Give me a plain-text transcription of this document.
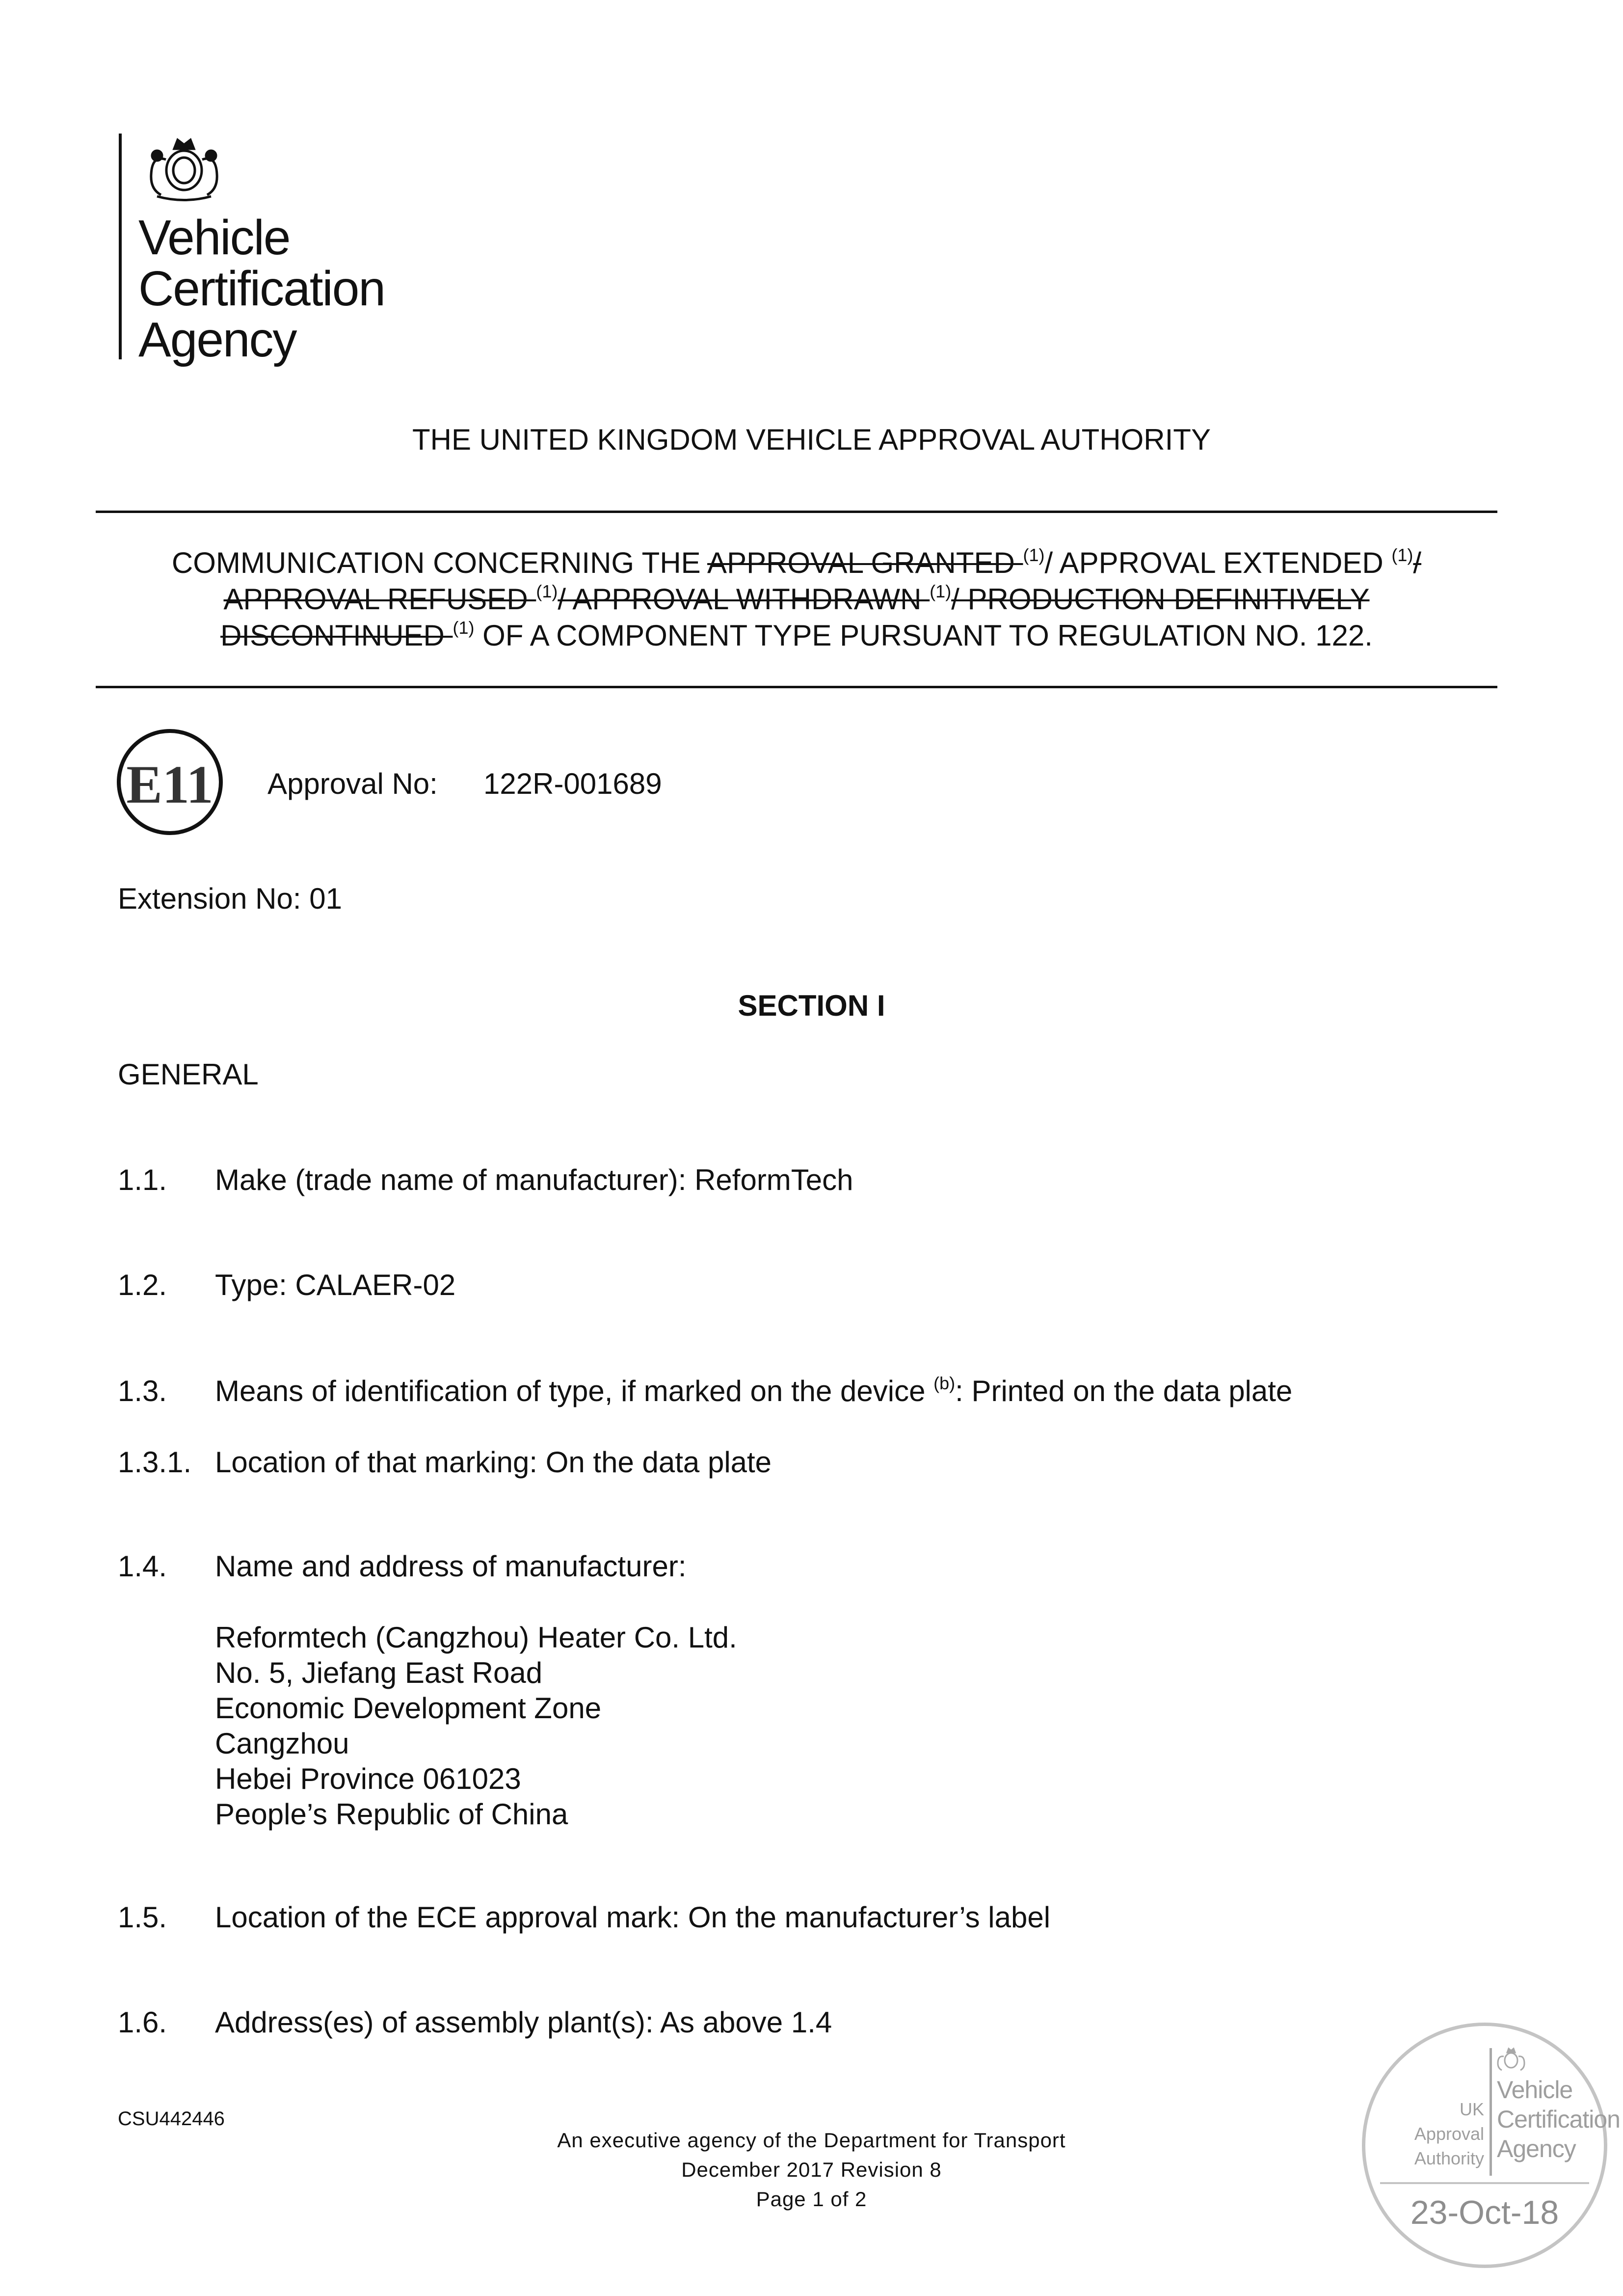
Vehicle
Certification
Agency
THE UNITED KINGDOM VEHICLE APPROVAL AUTHORITY
COMMUNICATION CONCERNING THE APPROVAL GRANTED $^{(1)}$/ APPROVAL EXTENDED $^{(1)}$/
APPROVAL REFUSED $^{(1)}$/ APPROVAL WITHDRAWN $^{(1)}$/ PRODUCTION DEFINITIVELY
DISCONTINUED $^{(1)}$ OF A COMPONENT TYPE PURSUANT TO REGULATION NO. 122.
E11 Approval No: 122R-001689
Extension No: 01
SECTION I
GENERAL
1.1. Make (trade name of manufacturer): ReformTech
1.2. Type: CALAER-02
1.3. Means of identification of type, if marked on the device $^{(b)}$: Printed on the data plate
1.3.1. Location of that marking: On the data plate
1.4. Name and address of manufacturer:
Reformtech (Cangzhou) Heater Co. Ltd.
No. 5, Jiefang East Road
Economic Development Zone
Cangzhou
Hebei Province 061023
People’s Republic of China
1.5. Location of the ECE approval mark: On the manufacturer’s label
1.6. Address(es) of assembly plant(s): As above 1.4
CSU442446
An executive agency of the Department for Transport
December 2017 Revision 8
Page 1 of 2
UK
Approval
Authority
Vehicle
Certification
Agency
23-Oct-18
